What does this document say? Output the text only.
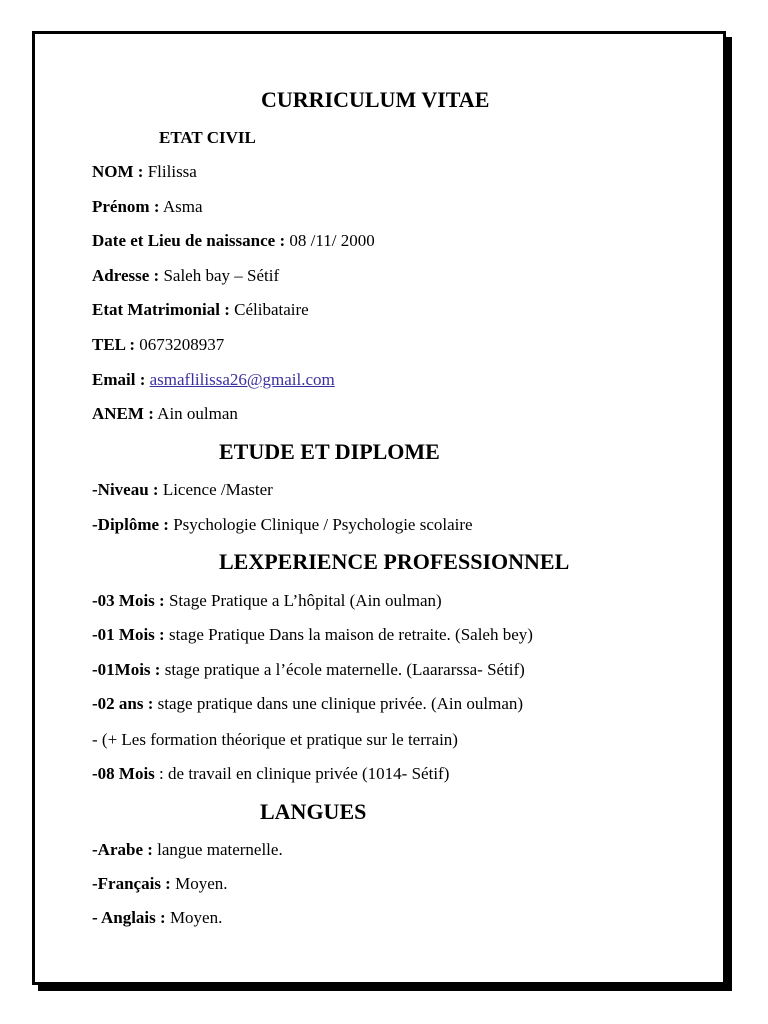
CURRICULUM VITAE
ETAT CIVIL
NOM : Flilissa
Prénom : Asma
Date et Lieu de naissance : 08 /11/ 2000
Adresse : Saleh bay – Sétif
Etat Matrimonial : Célibataire
TEL : 0673208937
Email : asmaflilissa26@gmail.com
ANEM : Ain oulman
ETUDE ET DIPLOME
-Niveau : Licence /Master
-Diplôme : Psychologie Clinique / Psychologie scolaire
LEXPERIENCE PROFESSIONNEL
-03 Mois : Stage Pratique a L’hôpital (Ain oulman)
-01 Mois : stage Pratique Dans la maison de retraite. (Saleh bey)
-01Mois : stage pratique a l’école maternelle. (Laararssa- Sétif)
-02 ans : stage pratique dans une clinique privée. (Ain oulman)
- (+ Les formation théorique et pratique sur le terrain)
-08 Mois : de travail en clinique privée (1014- Sétif)
LANGUES
-Arabe : langue maternelle.
-Français : Moyen.
- Anglais : Moyen.
